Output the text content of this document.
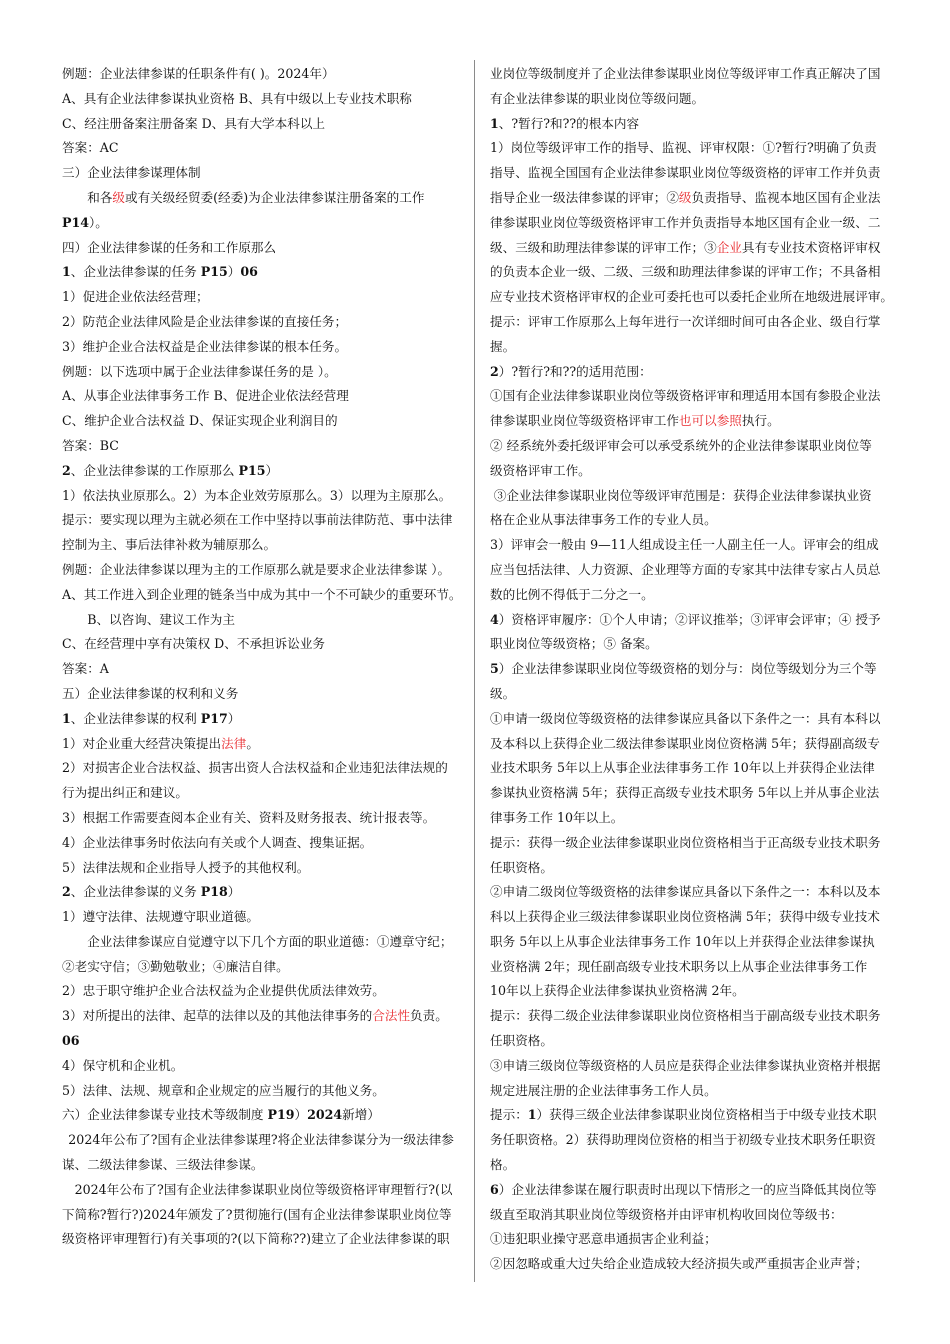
例题：企业法律参谋的任职条件有( )。2024年）
A、具有企业法律参谋执业资格 B、具有中级以上专业技术职称
C、经注册备案注册备案 D、具有大学本科以上
答案：AC
三）企业法律参谋理体制
和各级或有关级经贸委(经委)为企业法律参谋注册备案的工作
P14）。
四）企业法律参谋的任务和工作原那么
1、企业法律参谋的任务 P15）06
1）促进企业依法经营理；
2）防范企业法律风险是企业法律参谋的直接任务；
3）维护企业合法权益是企业法律参谋的根本任务。
例题：以下选项中属于企业法律参谋任务的是 ）。
A、从事企业法律事务工作 B、促进企业依法经营理
C、维护企业合法权益 D、保证实现企业利润目的
答案：BC
2、企业法律参谋的工作原那么 P15）
1）依法执业原那么。2）为本企业效劳原那么。3）以理为主原那么。
提示：要实现以理为主就必须在工作中坚持以事前法律防范、事中法律
控制为主、事后法律补救为辅原那么。
例题：企业法律参谋以理为主的工作原那么就是要求企业法律参谋 ）。
A、其工作进入到企业理的链条当中成为其中一个不可缺少的重要环节。
B、以咨询、建议工作为主
C、在经营理中享有决策权 D、不承担诉讼业务
答案：A
五）企业法律参谋的权利和义务
1、企业法律参谋的权利 P17）
1）对企业重大经营决策提出法律。
2）对损害企业合法权益、损害出资人合法权益和企业违犯法律法规的
行为提出纠正和建议。
3）根据工作需要查阅本企业有关、资料及财务报表、统计报表等。
4）企业法律事务时依法向有关或个人调查、搜集证据。
5）法律法规和企业指导人授予的其他权利。
2、企业法律参谋的义务 P18）
1）遵守法律、法规遵守职业道德。
企业法律参谋应自觉遵守以下几个方面的职业道德：①遵章守纪；
②老实守信；③勤勉敬业；④廉洁自律。
2）忠于职守维护企业合法权益为企业提供优质法律效劳。
3）对所提出的法律、起草的法律以及的其他法律事务的合法性负责。
06
4）保守机和企业机。
5）法律、法规、规章和企业规定的应当履行的其他义务。
六）企业法律参谋专业技术等级制度 P19）2024新增）
2024年公布了?国有企业法律参谋理?将企业法律参谋分为一级法律参
谋、二级法律参谋、三级法律参谋。
2024年公布了?国有企业法律参谋职业岗位等级资格评审理暂行?(以
下简称?暂行?)2024年颁发了?贯彻施行(国有企业法律参谋职业岗位等
级资格评审理暂行)有关事项的?(以下简称??)建立了企业法律参谋的职
业岗位等级制度并了企业法律参谋职业岗位等级评审工作真正解决了国
有企业法律参谋的职业岗位等级问题。
1、?暂行?和??的根本内容
1）岗位等级评审工作的指导、监视、评审权限：①?暂行?明确了负责
指导、监视全国国有企业法律参谋职业岗位等级资格的评审工作并负责
指导企业一级法律参谋的评审；②级负责指导、监视本地区国有企业法
律参谋职业岗位等级资格评审工作并负责指导本地区国有企业一级、二
级、三级和助理法律参谋的评审工作；③企业具有专业技术资格评审权
的负责本企业一级、二级、三级和助理法律参谋的评审工作；不具备相
应专业技术资格评审权的企业可委托也可以委托企业所在地级进展评审。
提示：评审工作原那么上每年进行一次详细时间可由各企业、级自行掌
握。
2）?暂行?和??的适用范围：
①国有企业法律参谋职业岗位等级资格评审和理适用本国有参股企业法
律参谋职业岗位等级资格评审工作也可以参照执行。
② 经系统外委托级评审会可以承受系统外的企业法律参谋职业岗位等
级资格评审工作。
③企业法律参谋职业岗位等级评审范围是：获得企业法律参谋执业资
格在企业从事法律事务工作的专业人员。
3）评审会一般由 9—11人组成设主任一人副主任一人。评审会的组成
应当包括法律、人力资源、企业理等方面的专家其中法律专家占人员总
数的比例不得低于二分之一。
4）资格评审履序：①个人申请；②评议推举；③评审会评审；④ 授予
职业岗位等级资格；⑤ 备案。
5）企业法律参谋职业岗位等级资格的划分与：岗位等级划分为三个等
级。
①申请一级岗位等级资格的法律参谋应具备以下条件之一：具有本科以
及本科以上获得企业二级法律参谋职业岗位资格满 5年；获得副高级专
业技术职务 5年以上从事企业法律事务工作 10年以上并获得企业法律
参谋执业资格满 5年；获得正高级专业技术职务 5年以上并从事企业法
律事务工作 10年以上。
提示：获得一级企业法律参谋职业岗位资格相当于正高级专业技术职务
任职资格。
②申请二级岗位等级资格的法律参谋应具备以下条件之一：本科以及本
科以上获得企业三级法律参谋职业岗位资格满 5年；获得中级专业技术
职务 5年以上从事企业法律事务工作 10年以上并获得企业法律参谋执
业资格满 2年；现任副高级专业技术职务以上从事企业法律事务工作
10年以上获得企业法律参谋执业资格满 2年。
提示：获得二级企业法律参谋职业岗位资格相当于副高级专业技术职务
任职资格。
③申请三级岗位等级资格的人员应是获得企业法律参谋执业资格并根据
规定进展注册的企业法律事务工作人员。
提示：1）获得三级企业法律参谋职业岗位资格相当于中级专业技术职
务任职资格。2）获得助理岗位资格的相当于初级专业技术职务任职资
格。
6）企业法律参谋在履行职责时出现以下情形之一的应当降低其岗位等
级直至取消其职业岗位等级资格并由评审机构收回岗位等级书：
①违犯职业操守恶意串通损害企业利益；
②因忽略或重大过失给企业造成较大经济损失或严重损害企业声誉；
